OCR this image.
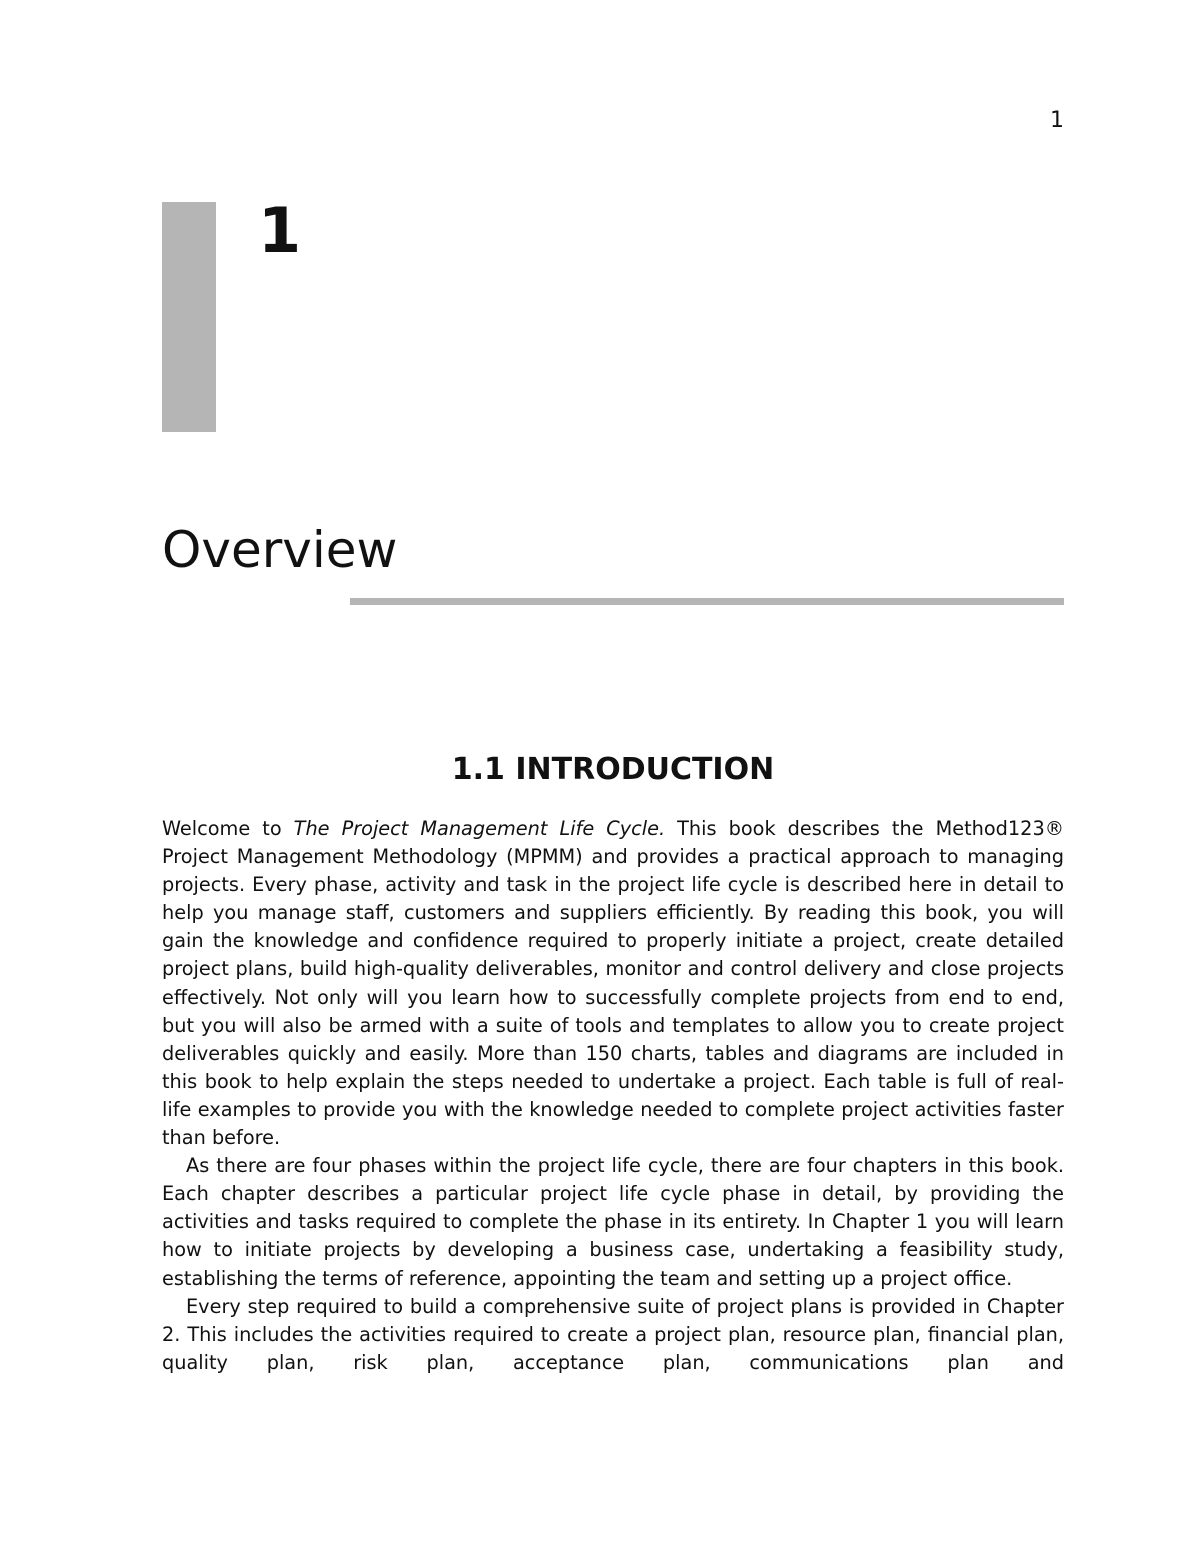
1
1
Overview
1.1 INTRODUCTION

Welcome to The Project Management Life Cycle. This book describes the Method123® Project Management Methodology (MPMM) and provides a practical approach to managing projects. Every phase, activity and task in the project life cycle is described here in detail to help you manage staff, customers and suppliers efficiently. By reading this book, you will gain the knowledge and confidence required to properly initiate a project, create detailed project plans, build high-quality deliverables, monitor and control delivery and close projects effectively. Not only will you learn how to successfully complete projects from end to end, but you will also be armed with a suite of tools and templates to allow you to create project deliverables quickly and easily. More than 150 charts, tables and diagrams are included in this book to help explain the steps needed to undertake a project. Each table is full of real-life examples to provide you with the knowledge needed to complete project activities faster than before.

As there are four phases within the project life cycle, there are four chapters in this book. Each chapter describes a particular project life cycle phase in detail, by providing the activities and tasks required to complete the phase in its entirety. In Chapter 1 you will learn how to initiate projects by developing a business case, undertaking a feasibility study, establishing the terms of reference, appointing the team and setting up a project office.

Every step required to build a comprehensive suite of project plans is provided in Chapter 2. This includes the activities required to create a project plan, resource plan, financial plan, quality plan, risk plan, acceptance plan, communications plan and
